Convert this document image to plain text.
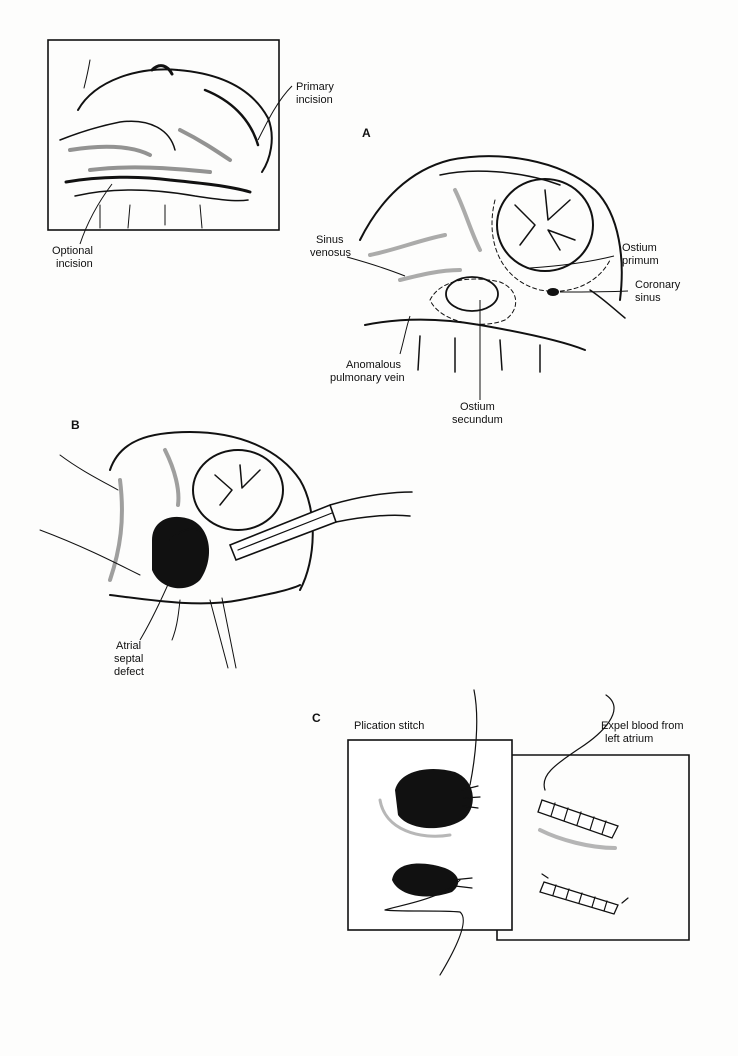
Primary incision
Optional incision
A
Sinus venosus	Ostium primum
Coronary sinus
Anomalous pulmonary vein
Ostium secundum
B
Atrial septal defect
C
Plication stitch	Expel blood from left atrium
